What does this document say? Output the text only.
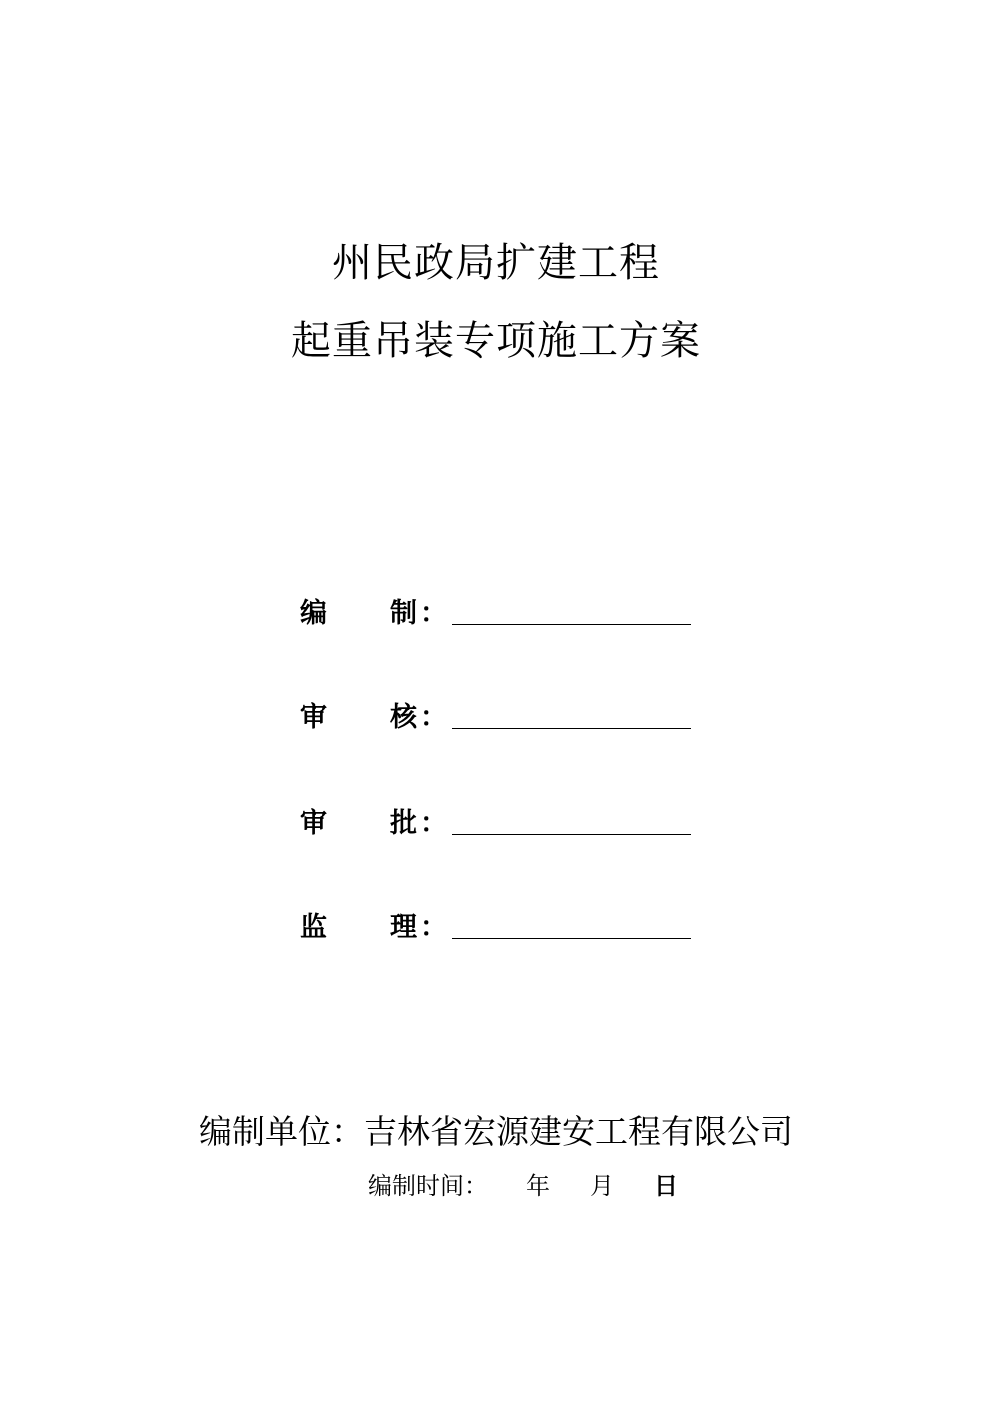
州民政局扩建工程
起重吊装专项施工方案
编 制 ：
审 核 ：
审 批 ：
监 理 ：
编制单位：吉林省宏源建安工程有限公司
编制时间： 年 月 日
